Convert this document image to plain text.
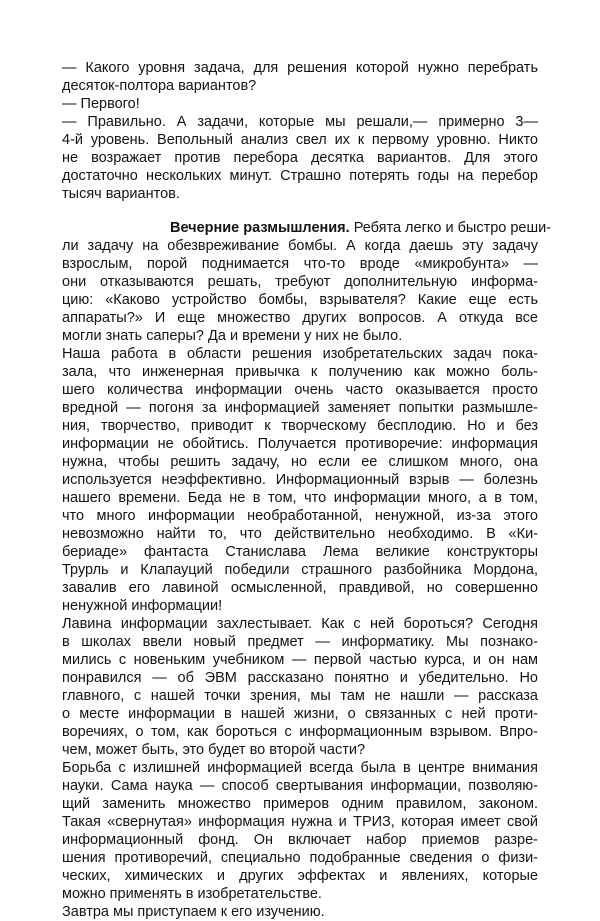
— Какого уровня задача, для решения которой нужно перебрать
десяток-полтора вариантов?
— Первого!
— Правильно. А задачи, которые мы решали,— примерно 3—
4-й уровень. Вепольный анализ свел их к первому уровню. Никто
не возражает против перебора десятка вариантов. Для этого
достаточно нескольких минут. Страшно потерять годы на перебор
тысяч вариантов.
Вечерние размышления. Ребята легко и быстро реши-
ли задачу на обезвреживание бомбы. А когда даешь эту задачу
взрослым, порой поднимается что-то вроде «микробунта» —
они отказываются решать, требуют дополнительную информа-
цию: «Каково устройство бомбы, взрывателя? Какие еще есть
аппараты?» И еще множество других вопросов. А откуда все
могли знать саперы? Да и времени у них не было.
Наша работа в области решения изобретательских задач пока-
зала, что инженерная привычка к получению как можно боль-
шего количества информации очень часто оказывается просто
вредной — погоня за информацией заменяет попытки размышле-
ния, творчество, приводит к творческому бесплодию. Но и без
информации не обойтись. Получается противоречие: информация
нужна, чтобы решить задачу, но если ее слишком много, она
используется неэффективно. Информационный взрыв — болезнь
нашего времени. Беда не в том, что информации много, а в том,
что много информации необработанной, ненужной, из-за этого
невозможно найти то, что действительно необходимо. В «Ки-
бериаде» фантаста Станислава Лема великие конструкторы
Трурль и Клапауций победили страшного разбойника Мордона,
завалив его лавиной осмысленной, правдивой, но совершенно
ненужной информации!
Лавина информации захлестывает. Как с ней бороться? Сегодня
в школах ввели новый предмет — информатику. Мы познако-
мились с новеньким учебником — первой частью курса, и он нам
понравился — об ЭВМ рассказано понятно и убедительно. Но
главного, с нашей точки зрения, мы там не нашли — рассказа
о месте информации в нашей жизни, о связанных с ней проти-
воречиях, о том, как бороться с информационным взрывом. Впро-
чем, может быть, это будет во второй части?
Борьба с излишней информацией всегда была в центре внимания
науки. Сама наука — способ свертывания информации, позволяю-
щий заменить множество примеров одним правилом, законом.
Такая «свернутая» информация нужна и ТРИЗ, которая имеет свой
информационный фонд. Он включает набор приемов разре-
шения противоречий, специально подобранные сведения о физи-
ческих, химических и других эффектах и явлениях, которые
можно применять в изобретательстве.
Завтра мы приступаем к его изучению.
